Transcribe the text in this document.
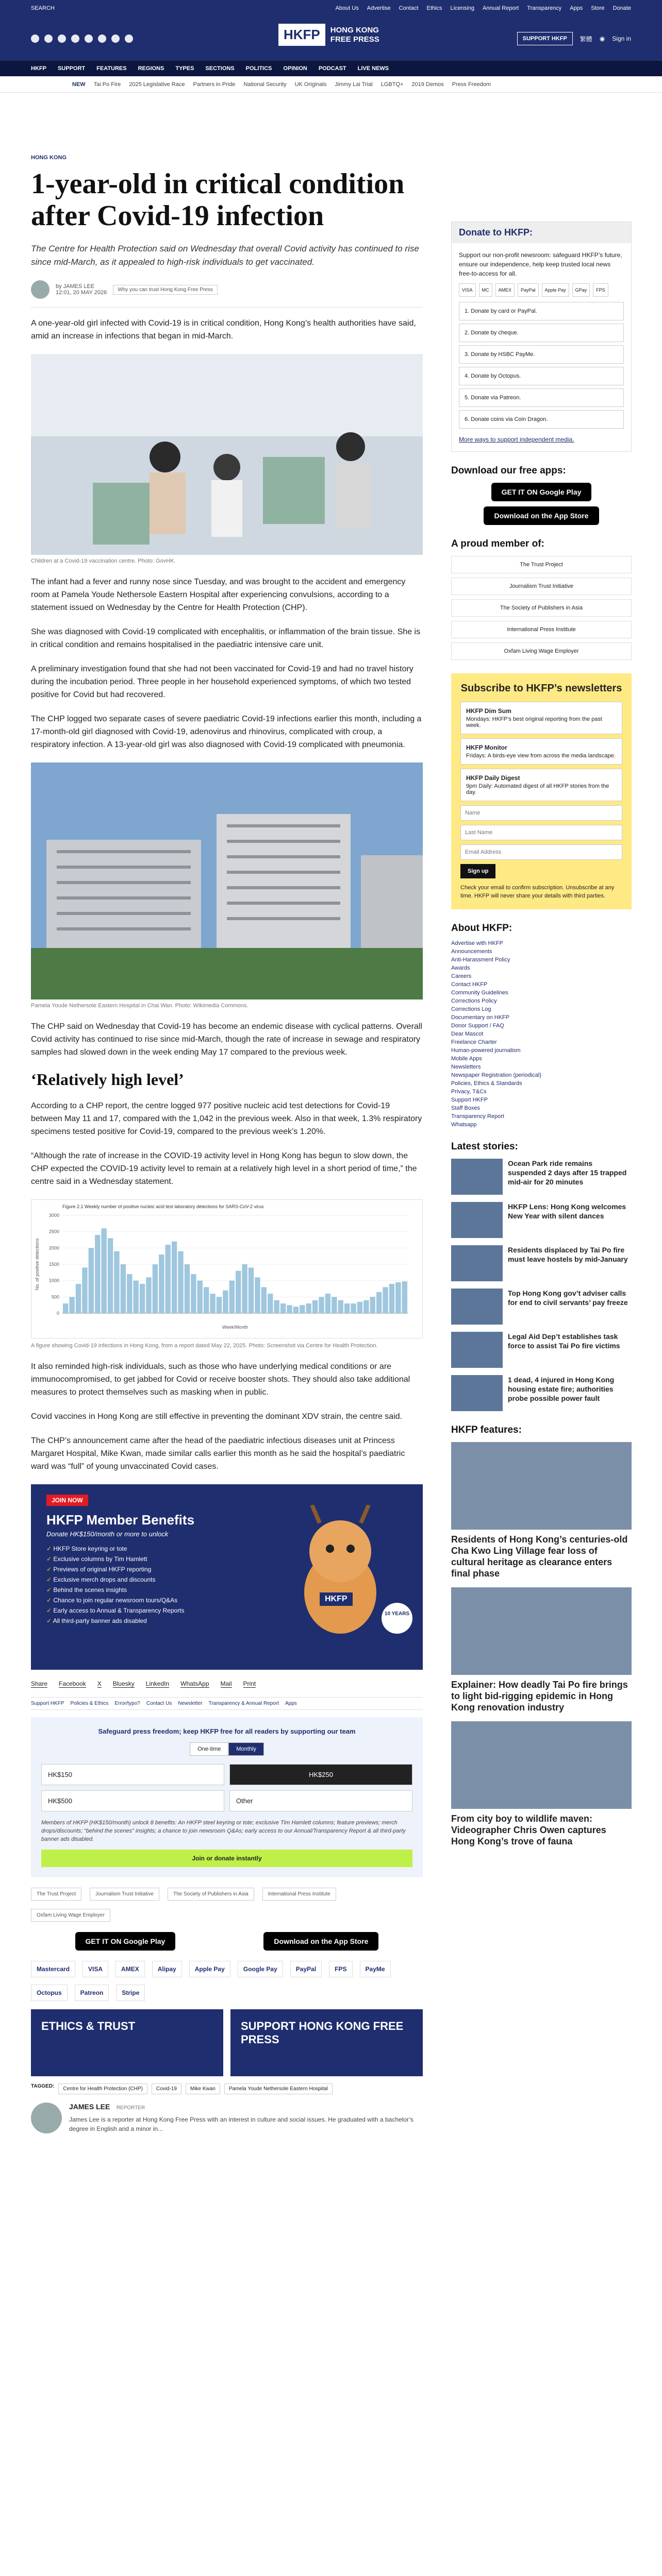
SEARCH	About Us Advertise Contact Ethics Licensing Annual Report Transparency Apps Store Donate
HKFP	HONG KONG
FREE PRESS	SUPPORT HKFP	繁體 ◉ Sign in
HKFP SUPPORT FEATURES REGIONS TYPES SECTIONS POLITICS OPINION PODCAST LIVE NEWS
NEW Tai Po Fire 2025 Legislative Race Partners in Pride National Security UK Originals Jimmy Lai Trial LGBTQ+ 2019 Demos Press Freedom
HONG KONG
1-year-old in critical condition after Covid-19 infection

The Centre for Health Protection said on Wednesday that overall Covid activity has continued to rise since mid-March, as it appealed to high-risk individuals to get vaccinated.

by JAMES LEE
12:01, 20 MAY 2026	Why you can trust Hong Kong Free Press

A one-year-old girl infected with Covid-19 is in critical condition, Hong Kong’s health authorities have said, amid an increase in infections that began in mid-March.

Children at a Covid-19 vaccination centre. Photo: GovHK.

The infant had a fever and runny nose since Tuesday, and was brought to the accident and emergency room at Pamela Youde Nethersole Eastern Hospital after experiencing convulsions, according to a statement issued on Wednesday by the Centre for Health Protection (CHP).

She was diagnosed with Covid-19 complicated with encephalitis, or inflammation of the brain tissue. She is in critical condition and remains hospitalised in the paediatric intensive care unit.

A preliminary investigation found that she had not been vaccinated for Covid-19 and had no travel history during the incubation period. Three people in her household experienced symptoms, of which two tested positive for Covid but had recovered.

The CHP logged two separate cases of severe paediatric Covid-19 infections earlier this month, including a 17-month-old girl diagnosed with Covid-19, adenovirus and rhinovirus, complicated with croup, a respiratory infection. A 13-year-old girl was also diagnosed with Covid-19 complicated with pneumonia.

Pamela Youde Nethersole Eastern Hospital in Chai Wan. Photo: Wikimedia Commons.

The CHP said on Wednesday that Covid-19 has become an endemic disease with cyclical patterns. Overall Covid activity has continued to rise since mid-March, though the rate of increase in sewage and respiratory samples had slowed down in the week ending May 17 compared to the previous week.

‘Relatively high level’

According to a CHP report, the centre logged 977 positive nucleic acid test detections for Covid-19 between May 11 and 17, compared with the 1,042 in the previous week. Also in that week, 1.3% respiratory specimens tested positive for Covid-19, compared to the previous week’s 1.20%.

“Although the rate of increase in the COVID-19 activity level in Hong Kong has begun to slow down, the CHP expected the COVID-19 activity level to remain at a relatively high level in a short period of time,” the centre said in a Wednesday statement.

Figure 2.1 Weekly number of positive nucleic acid test laboratory detections for SARS-CoV-2 virus
3000
2500
2000
1500
1000
500
0
Week/Month
No. of positive detections
A figure showing Covid-19 infections in Hong Kong, from a report dated May 22, 2025. Photo: Screenshot via Centre for Health Protection.

It also reminded high-risk individuals, such as those who have underlying medical conditions or are immunocompromised, to get jabbed for Covid or receive booster shots. They should also take additional measures to protect themselves such as masking when in public.

Covid vaccines in Hong Kong are still effective in preventing the dominant XDV strain, the centre said.

The CHP’s announcement came after the head of the paediatric infectious diseases unit at Princess Margaret Hospital, Mike Kwan, made similar calls earlier this month as he said the hospital’s paediatric ward was “full” of young unvaccinated Covid cases.

JOIN NOW
HKFP Member Benefits
Donate HK$150/month or more to unlock
✓ HKFP Store keyring or tote
✓ Exclusive columns by Tim Hamlett
✓ Previews of original HKFP reporting
✓ Exclusive merch drops and discounts
✓ Behind the scenes insights
✓ Chance to join regular newsroom tours/Q&As
✓ Early access to Annual & Transparency Reports
✓ All third-party banner ads disabled
HKFP
10 YEARS
Share Facebook X Bluesky LinkedIn WhatsApp Mail Print
Support HKFP Policies & Ethics Error/typo? Contact Us Newsletter Transparency & Annual Report Apps
Safeguard press freedom; keep HKFP free for all readers by supporting our team
One-time	Monthly
HK$150	HK$250
HK$500	Other
Members of HKFP (HK$150/month) unlock 8 benefits: An HKFP steel keyring or tote; exclusive Tim Hamlett columns; feature previews; merch drops/discounts; “behind the scenes” insights; a chance to join newsroom Q&As; early access to our Annual/Transparency Report & all third-party banner ads disabled.
Join or donate instantly
The Trust Project	Journalism Trust Initiative	The Society of Publishers in Asia	International Press Institute
Oxfam Living Wage Employer
GET IT ON Google Play	Download on the App Store
Mastercard	VISA	AMEX	Alipay	Apple Pay	Google Pay	PayPal	FPS	PayMe
Octopus	Patreon	Stripe
ETHICS & TRUST	SUPPORT HONG KONG FREE PRESS
TAGGED:	Centre for Health Protection (CHP)	Covid-19	Mike Kwan	Pamela Youde Nethersole Eastern Hospital
JAMES LEE REPORTER
James Lee is a reporter at Hong Kong Free Press with an interest in culture and social issues. He graduated with a bachelor’s degree in English and a minor in...
Donate to HKFP:
Support our non-profit newsroom: safeguard HKFP’s future, ensure our independence, help keep trusted local news free-to-access for all.
VISA	MC	AMEX	PayPal	Apple Pay	GPay	FPS
1. Donate by card or PayPal.
2. Donate by cheque.
3. Donate by HSBC PayMe.
4. Donate by Octopus.
5. Donate via Patreon.
6. Donate coins via Coin Dragon.
More ways to support independent media.
Download our free apps:
GET IT ON Google Play
Download on the App Store
A proud member of:
The Trust Project
Journalism Trust Initiative
The Society of Publishers in Asia
International Press Institute
Oxfam Living Wage Employer
Subscribe to HKFP’s newsletters
HKFP Dim Sum
Mondays: HKFP’s best original reporting from the past week.
HKFP Monitor
Fridays: A birds-eye view from across the media landscape.
HKFP Daily Digest
9pm Daily: Automated digest of all HKFP stories from the day.
Name Last Name Email Address Sign up
Check your email to confirm subscription. Unsubscribe at any time. HKFP will never share your details with third parties.
About HKFP:
Advertise with HKFP
Announcements
Anti-Harassment Policy
Awards
Careers
Contact HKFP
Community Guidelines
Corrections Policy
Corrections Log
Documentary on HKFP
Donor Support / FAQ
Dear Mascot
Freelance Charter
Human-powered journalism
Mobile Apps
Newsletters
Newspaper Registration (periodical)
Policies, Ethics & Standards
Privacy, T&Cs
Support HKFP
Staff Boxes
Transparency Report
Whatsapp
Latest stories:
Ocean Park ride remains suspended 2 days after 15 trapped mid-air for 20 minutes
HKFP Lens: Hong Kong welcomes New Year with silent dances
Residents displaced by Tai Po fire must leave hostels by mid-January
Top Hong Kong gov’t adviser calls for end to civil servants’ pay freeze
Legal Aid Dep’t establishes task force to assist Tai Po fire victims
1 dead, 4 injured in Hong Kong housing estate fire; authorities probe possible power fault
HKFP features:
Residents of Hong Kong’s centuries-old Cha Kwo Ling Village fear loss of cultural heritage as clearance enters final phase
Explainer: How deadly Tai Po fire brings to light bid-rigging epidemic in Hong Kong renovation industry
From city boy to wildlife maven: Videographer Chris Owen captures Hong Kong’s trove of fauna
